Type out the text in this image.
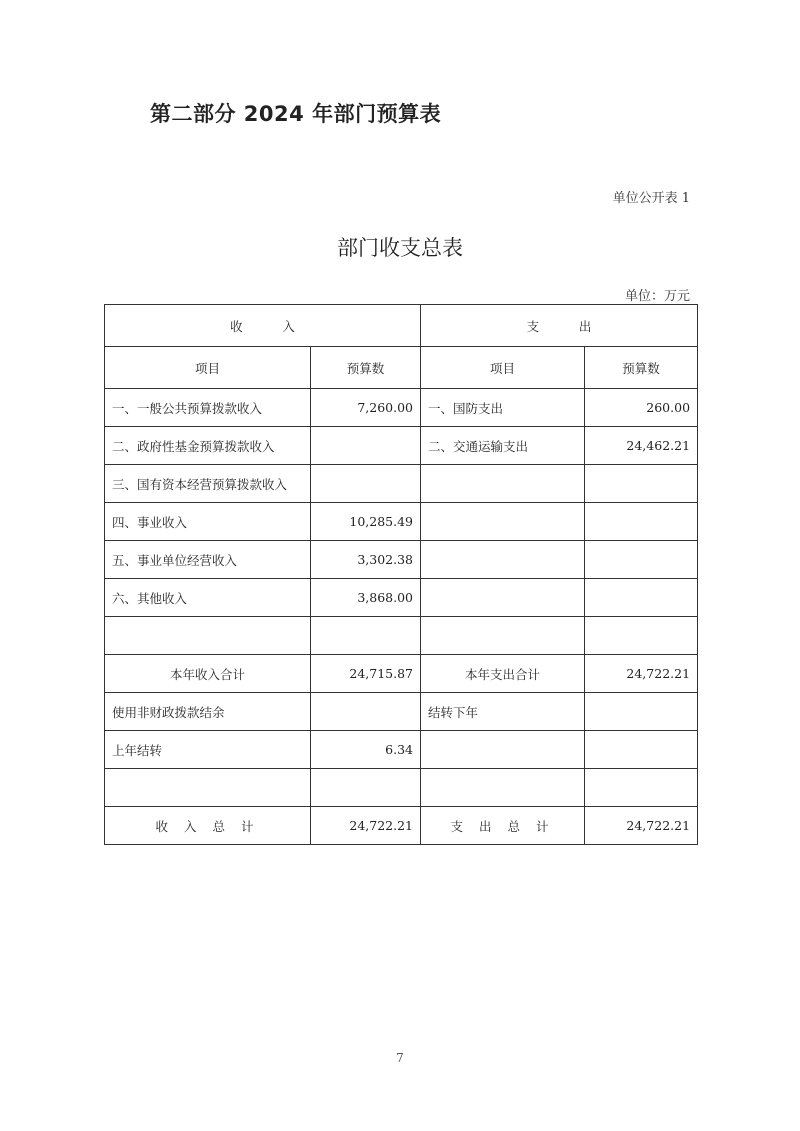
第二部分 2024 年部门预算表
单位公开表 1
部门收支总表
单位：万元
收          入		支          出	
项目	预算数	项目	预算数
一、一般公共预算拨款收入	7,260.00	一、国防支出	260.00
二、政府性基金预算拨款收入		二、交通运输支出	24,462.21
三、国有资本经营预算拨款收入			
四、事业收入	10,285.49		
五、事业单位经营收入	3,302.38		
六、其他收入	3,868.00		

本年收入合计	24,715.87	本年支出合计	24,722.21
使用非财政拨款结余		结转下年	
上年结转	6.34		

收 入 总 计	24,722.21	支 出 总 计	24,722.21
7
